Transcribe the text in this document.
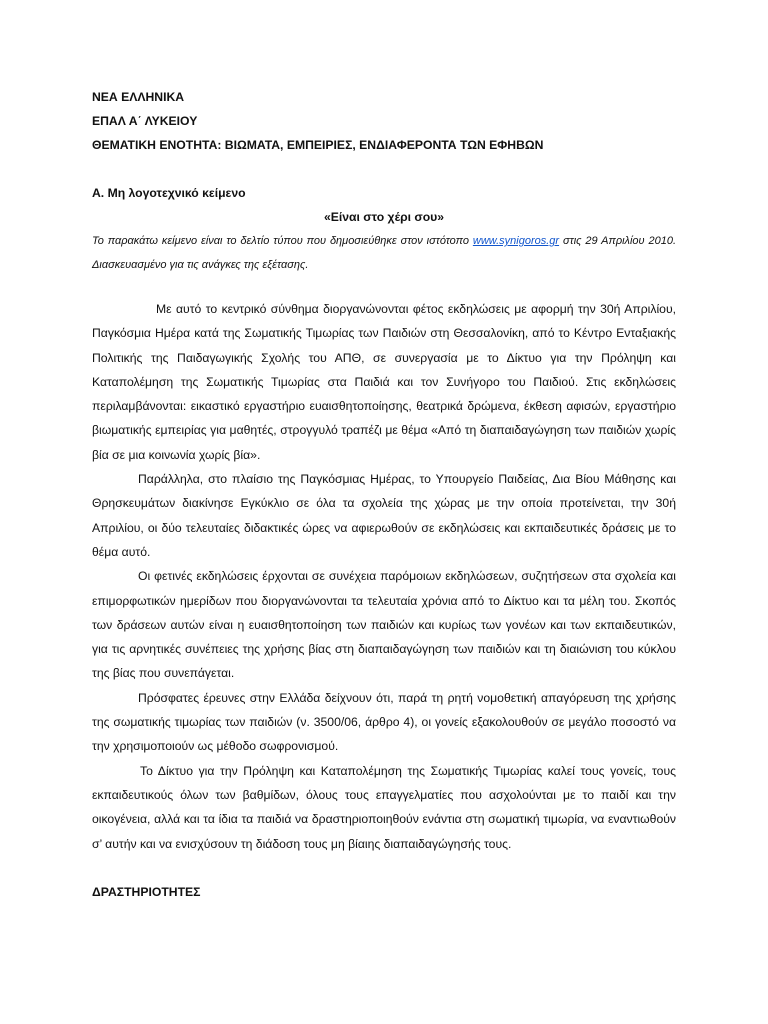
ΝΕΑ ΕΛΛΗΝΙΚΑ

ΕΠΑΛ Α΄ ΛΥΚΕΙΟΥ

ΘΕΜΑΤΙΚΗ ΕΝΟΤΗΤΑ: ΒΙΩΜΑΤΑ, ΕΜΠΕΙΡΙΕΣ, ΕΝΔΙΑΦΕΡΟΝΤΑ ΤΩΝ ΕΦΗΒΩΝ

Α. Μη λογοτεχνικό κείμενο
«Είναι στο χέρι σου»

Το παρακάτω κείμενο είναι το δελτίο τύπου που δημοσιεύθηκε στον ιστότοπο www.synigoros.gr στις 29 Απριλίου 2010. Διασκευασμένο για τις ανάγκες της εξέτασης.

Με αυτό το κεντρικό σύνθημα διοργανώνονται φέτος εκδηλώσεις με αφορμή την 30ή Απριλίου, Παγκόσμια Ημέρα κατά της Σωματικής Τιμωρίας των Παιδιών στη Θεσσαλονίκη, από το Κέντρο Ενταξιακής Πολιτικής της Παιδαγωγικής Σχολής του ΑΠΘ, σε συνεργασία με το Δίκτυο για την Πρόληψη και Καταπολέμηση της Σωματικής Τιμωρίας στα Παιδιά και τον Συνήγορο του Παιδιού. Στις εκδηλώσεις περιλαμβάνονται: εικαστικό εργαστήριο ευαισθητοποίησης, θεατρικά δρώμενα, έκθεση αφισών, εργαστήριο βιωματικής εμπειρίας για μαθητές, στρογγυλό τραπέζι με θέμα «Από τη διαπαιδαγώγηση των παιδιών χωρίς βία σε μια κοινωνία χωρίς βία».

Παράλληλα, στο πλαίσιο της Παγκόσμιας Ημέρας, το Υπουργείο Παιδείας, Δια Βίου Μάθησης και Θρησκευμάτων διακίνησε Εγκύκλιο σε όλα τα σχολεία της χώρας με την οποία προτείνεται, την 30ή Απριλίου, οι δύο τελευταίες διδακτικές ώρες να αφιερωθούν σε εκδηλώσεις και εκπαιδευτικές δράσεις με το θέμα αυτό.

Οι φετινές εκδηλώσεις έρχονται σε συνέχεια παρόμοιων εκδηλώσεων, συζητήσεων στα σχολεία και επιμορφωτικών ημερίδων που διοργανώνονται τα τελευταία χρόνια από το Δίκτυο και τα μέλη του. Σκοπός των δράσεων αυτών είναι η ευαισθητοποίηση των παιδιών και κυρίως των γονέων και των εκπαιδευτικών, για τις αρνητικές συνέπειες της χρήσης βίας στη διαπαιδαγώγηση των παιδιών και τη διαιώνιση του κύκλου της βίας που συνεπάγεται.

Πρόσφατες έρευνες στην Ελλάδα δείχνουν ότι, παρά τη ρητή νομοθετική απαγόρευση της χρήσης της σωματικής τιμωρίας των παιδιών (ν. 3500/06, άρθρο 4), οι γονείς εξακολουθούν σε μεγάλο ποσοστό να την χρησιμοποιούν ως μέθοδο σωφρονισμού.

Το Δίκτυο για την Πρόληψη και Καταπολέμηση της Σωματικής Τιμωρίας καλεί τους γονείς, τους εκπαιδευτικούς όλων των βαθμίδων, όλους τους επαγγελματίες που ασχολούνται με το παιδί και την οικογένεια, αλλά και τα ίδια τα παιδιά να δραστηριοποιηθούν ενάντια στη σωματική τιμωρία, να εναντιωθούν σ’ αυτήν και να ενισχύσουν τη διάδοση τους μη βίαιης διαπαιδαγώγησής τους.

ΔΡΑΣΤΗΡΙΟΤΗΤΕΣ
